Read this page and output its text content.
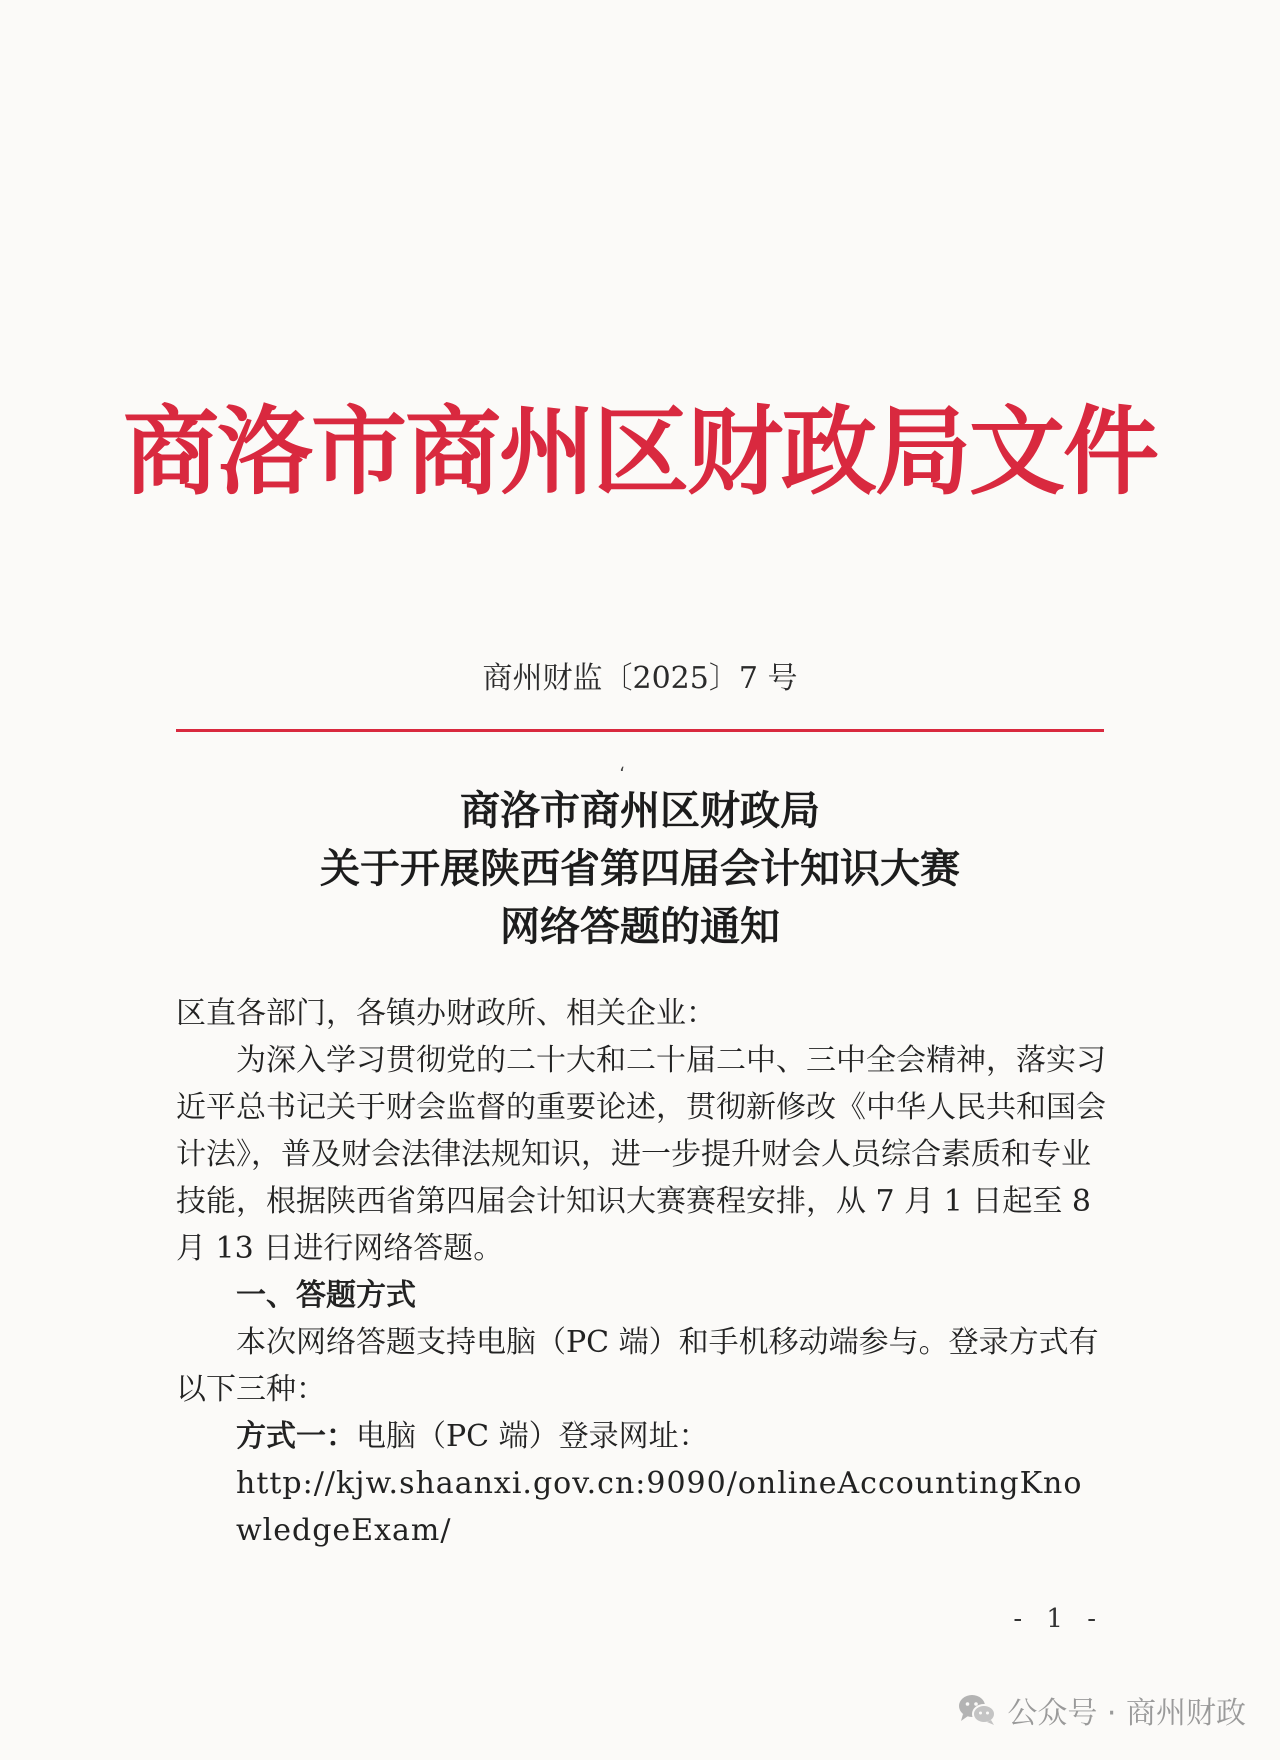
商洛市商州区财政局文件
商州财监〔2025〕7 号
،
商洛市商州区财政局
关于开展陕西省第四届会计知识大赛
网络答题的通知

区直各部门，各镇办财政所、相关企业：

为深入学习贯彻党的二十大和二十届二中、三中全会精神，落实习近平总书记关于财会监督的重要论述，贯彻新修改《中华人民共和国会计法》，普及财会法律法规知识，进一步提升财会人员综合素质和专业技能，根据陕西省第四届会计知识大赛赛程安排，从 7 月 1 日起至 8 月 13 日进行网络答题。

一、答题方式

本次网络答题支持电脑（PC 端）和手机移动端参与。登录方式有以下三种：

方式一：电脑（PC 端）登录网址：

http://kjw.shaanxi.gov.cn:9090/onlineAccountingKnowledgeExam/

- 1 -
公众号 · 商州财政
